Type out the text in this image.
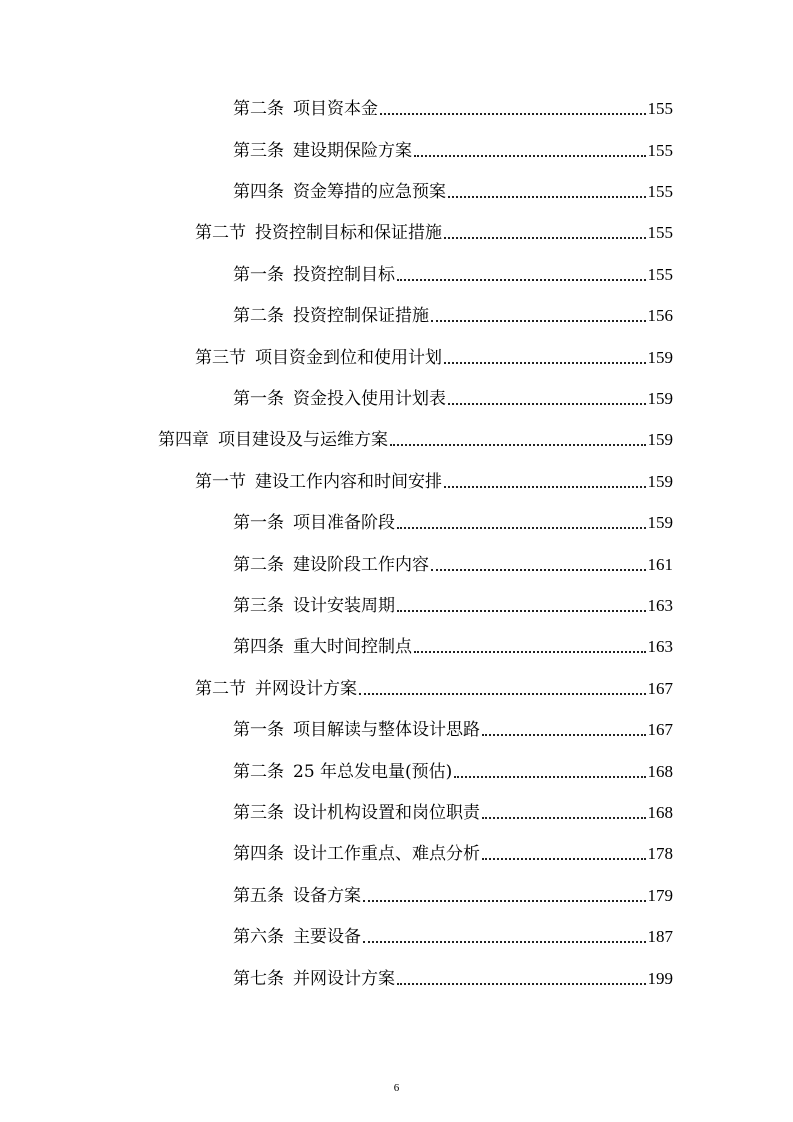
第二条 项目资本金	155
第三条 建设期保险方案	155
第四条 资金筹措的应急预案	155
第二节 投资控制目标和保证措施	155
第一条 投资控制目标	155
第二条 投资控制保证措施	156
第三节 项目资金到位和使用计划	159
第一条 资金投入使用计划表	159
第四章 项目建设及与运维方案	159
第一节 建设工作内容和时间安排	159
第一条 项目准备阶段	159
第二条 建设阶段工作内容	161
第三条 设计安装周期	163
第四条 重大时间控制点	163
第二节 并网设计方案	167
第一条 项目解读与整体设计思路	167
第二条 25 年总发电量(预估)	168
第三条 设计机构设置和岗位职责	168
第四条 设计工作重点、难点分析	178
第五条 设备方案	179
第六条 主要设备	187
第七条 并网设计方案	199
6
